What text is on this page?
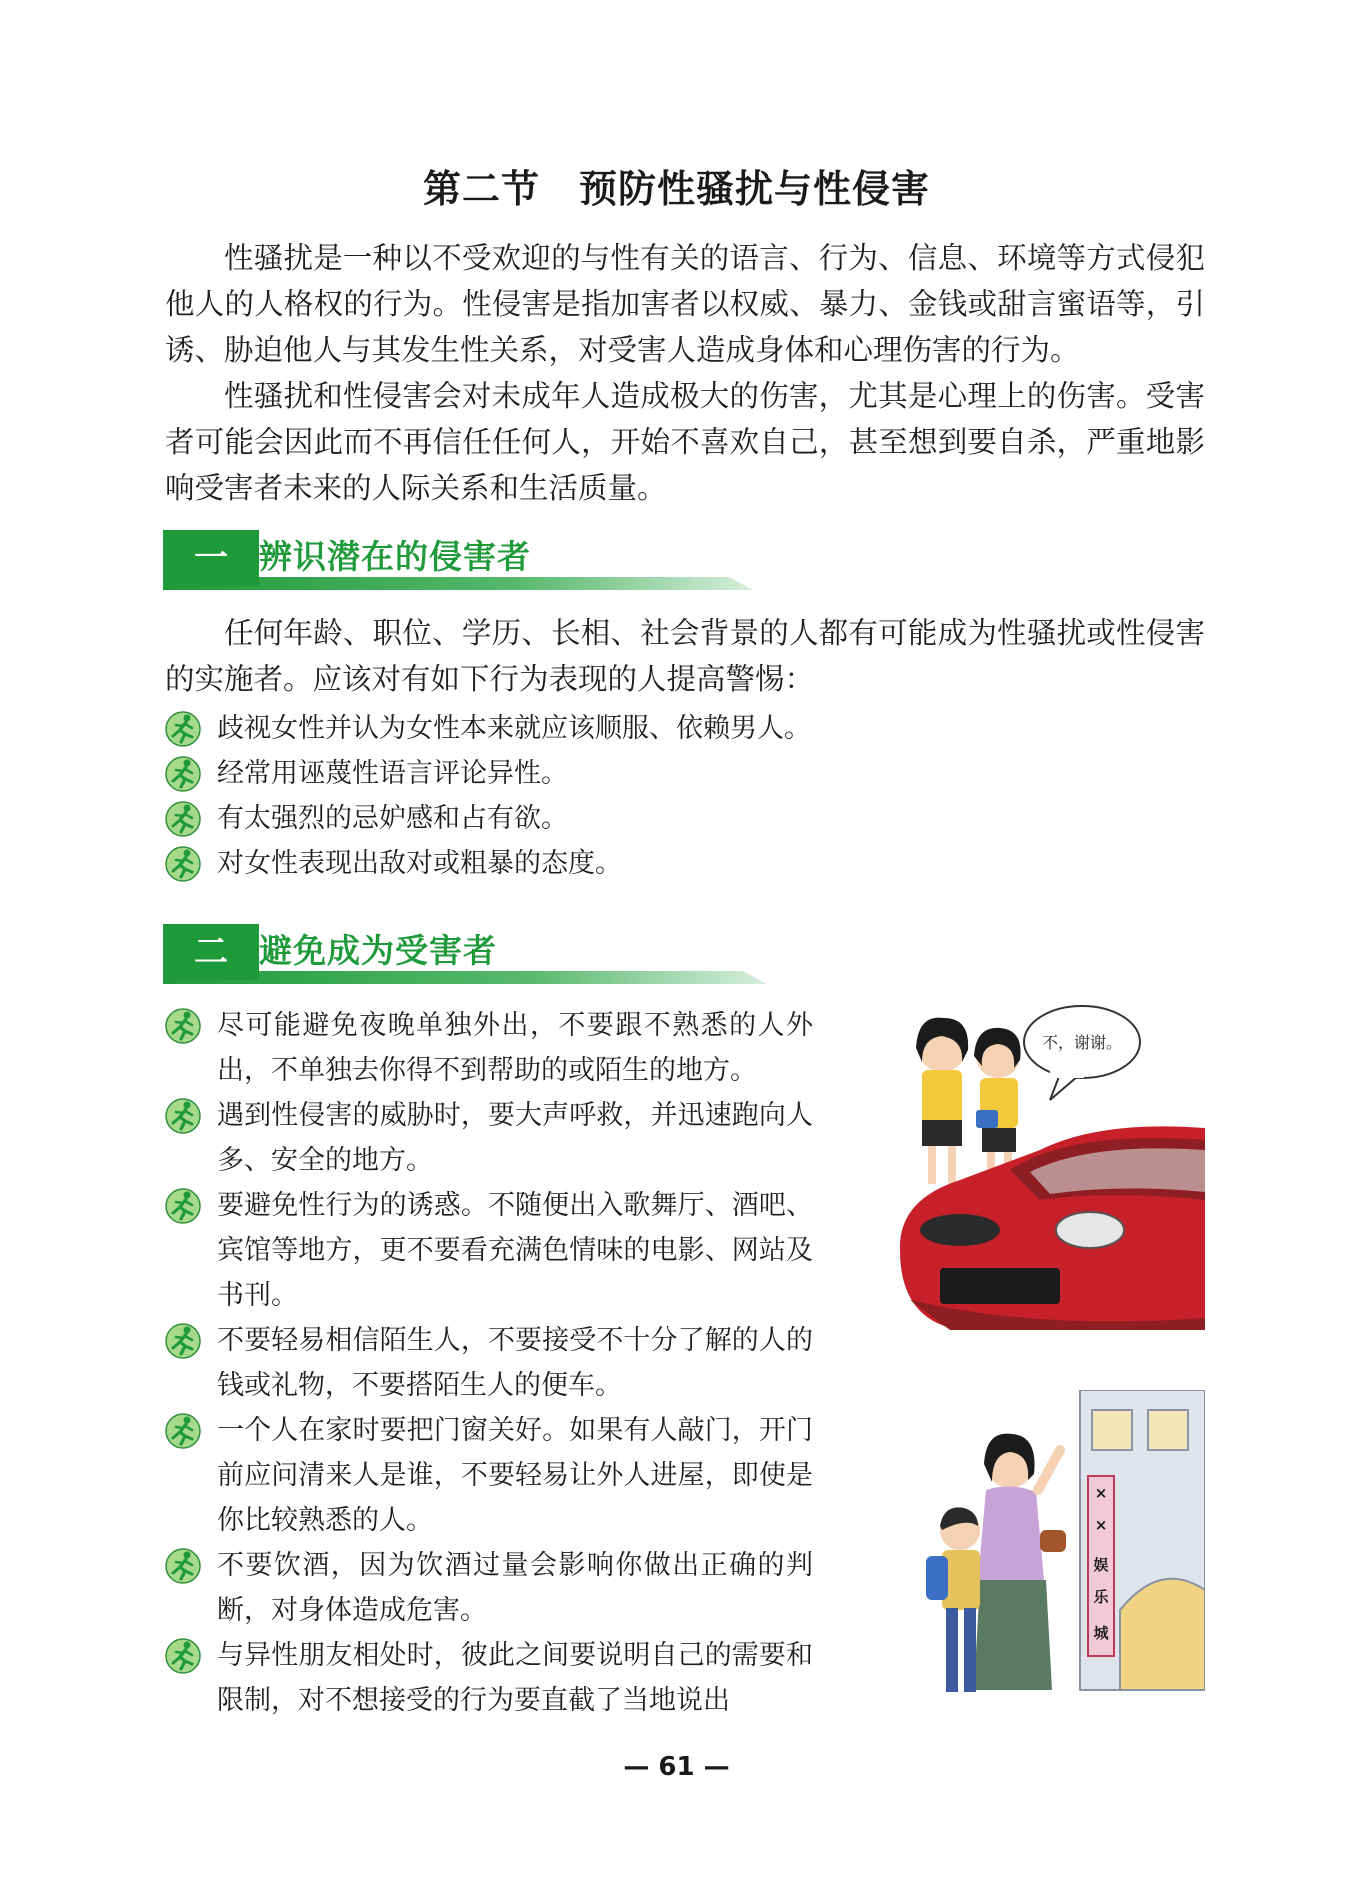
第二节　预防性骚扰与性侵害

性骚扰是一种以不受欢迎的与性有关的语言、行为、信息、环境等方式侵犯他人的人格权的行为。性侵害是指加害者以权威、暴力、金钱或甜言蜜语等，引诱、胁迫他人与其发生性关系，对受害人造成身体和心理伤害的行为。

性骚扰和性侵害会对未成年人造成极大的伤害，尤其是心理上的伤害。受害者可能会因此而不再信任任何人，开始不喜欢自己，甚至想到要自杀，严重地影响受害者未来的人际关系和生活质量。

一 辨识潜在的侵害者

任何年龄、职位、学历、长相、社会背景的人都有可能成为性骚扰或性侵害的实施者。应该对有如下行为表现的人提高警惕：

歧视女性并认为女性本来就应该顺服、依赖男人。
经常用诬蔑性语言评论异性。
有太强烈的忌妒感和占有欲。
对女性表现出敌对或粗暴的态度。
二 避免成为受害者
尽可能避免夜晚单独外出，不要跟不熟悉的人外出，不单独去你得不到帮助的或陌生的地方。
遇到性侵害的威胁时，要大声呼救，并迅速跑向人多、安全的地方。
要避免性行为的诱惑。不随便出入歌舞厅、酒吧、宾馆等地方，更不要看充满色情味的电影、网站及书刊。
不要轻易相信陌生人，不要接受不十分了解的人的钱或礼物，不要搭陌生人的便车。
一个人在家时要把门窗关好。如果有人敲门，开门前应问清来人是谁，不要轻易让外人进屋，即使是你比较熟悉的人。
不要饮酒，因为饮酒过量会影响你做出正确的判断，对身体造成危害。
与异性朋友相处时，彼此之间要说明自己的需要和限制，对不想接受的行为要直截了当地说出
不，谢谢。
×
×
娱
乐
城
— 61 —
